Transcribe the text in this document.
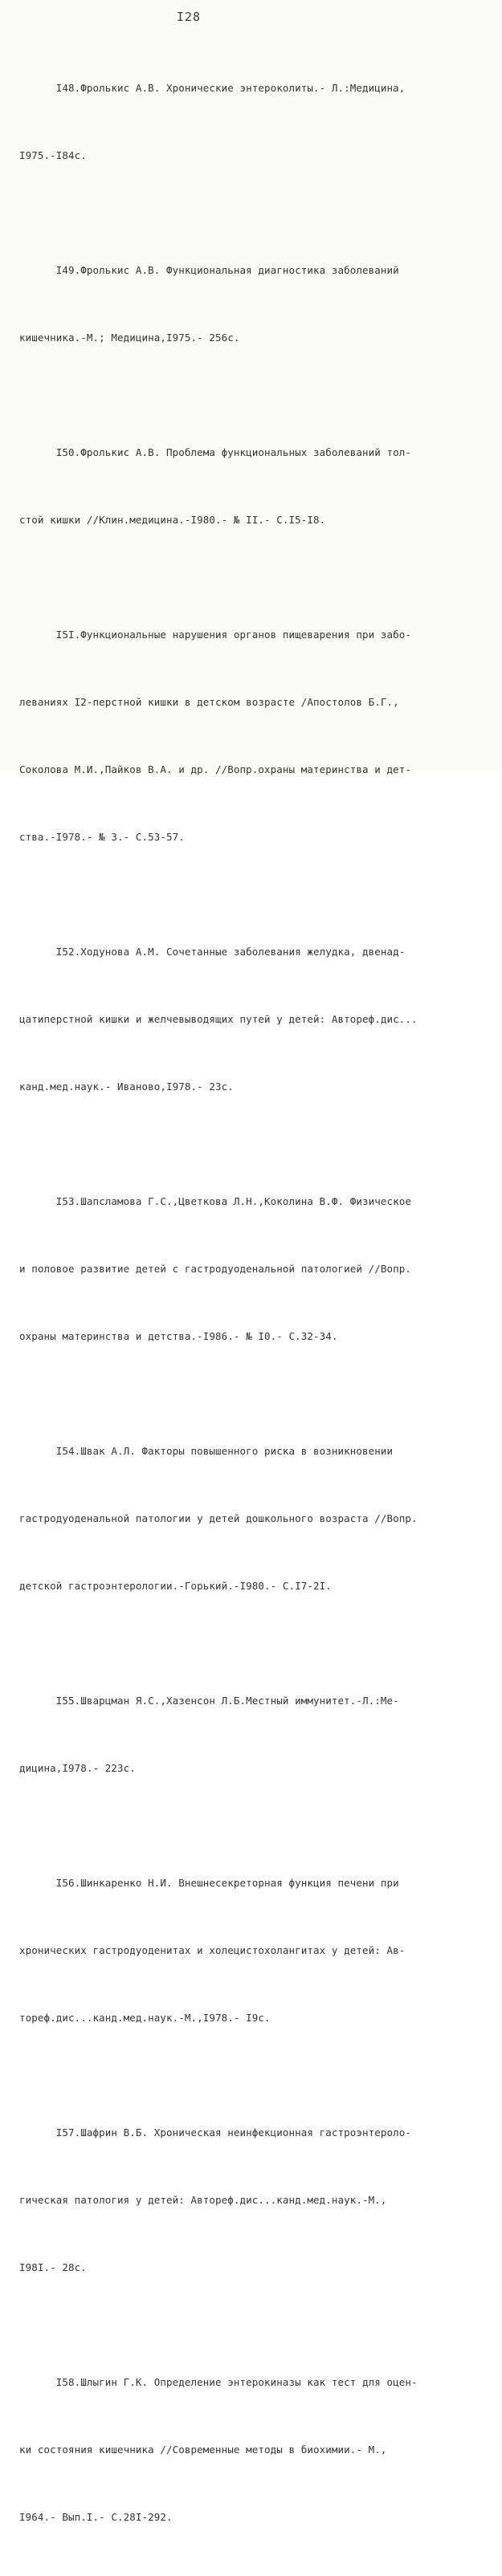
I28

I48.Фролькис А.В. Хронические энтероколиты.- Л.:Медицина,

I975.-I84с.

I49.Фролькис А.В. Функциональная диагностика заболеваний

кишечника.-М.; Медицина,I975.- 256с.

I50.Фролькис А.В. Проблема функциональных заболеваний тол-

стой кишки //Клин.медицина.-I980.- № II.- С.I5-I8.

I5I.Функциональные нарушения органов пищеварения при забо-

леваниях I2-перстной кишки в детском возрасте /Апостолов Б.Г.,

Соколова М.И.,Пайков В.А. и др. //Вопр.охраны материнства и дет-

ства.-I978.- № 3.- С.53-57.

I52.Ходунова А.М. Сочетанные заболевания желудка, двенад-

цатиперстной кишки и желчевыводящих путей у детей: Автореф.дис...

канд.мед.наук.- Иваново,I978.- 23с.

I53.Шапсламова Г.С.,Цветкова Л.Н.,Коколина В.Ф. Физическое

и половое развитие детей с гастродуоденальной патологией //Вопр.

охраны материнства и детства.-I986.- № I0.- С.32-34.

I54.Швак А.Л. Факторы повышенного риска в возникновении

гастродуоденальной патологии у детей дошкольного возраста //Вопр.

детской гастроэнтерологии.-Горький.-I980.- С.I7-2I.

I55.Шварцман Я.С.,Хазенсон Л.Б.Местный иммунитет.-Л.:Ме-

дицина,I978.- 223с.

I56.Шинкаренко Н.И. Внешнесекреторная функция печени при

хронических гастродуоденитах и холецистохолангитах у детей: Ав-

тореф.дис...канд.мед.наук.-М.,I978.- I9с.

I57.Шафрин В.Б. Хроническая неинфекционная гастроэнтероло-

гическая патология у детей: Автореф.дис...канд.мед.наук.-М.,

I98I.- 28с.

I58.Шлыгин Г.К. Определение энтерокиназы как тест для оцен-

ки состояния кишечника //Современные методы в биохимии.- М.,

I964.- Вып.I.- С.28I-292.
